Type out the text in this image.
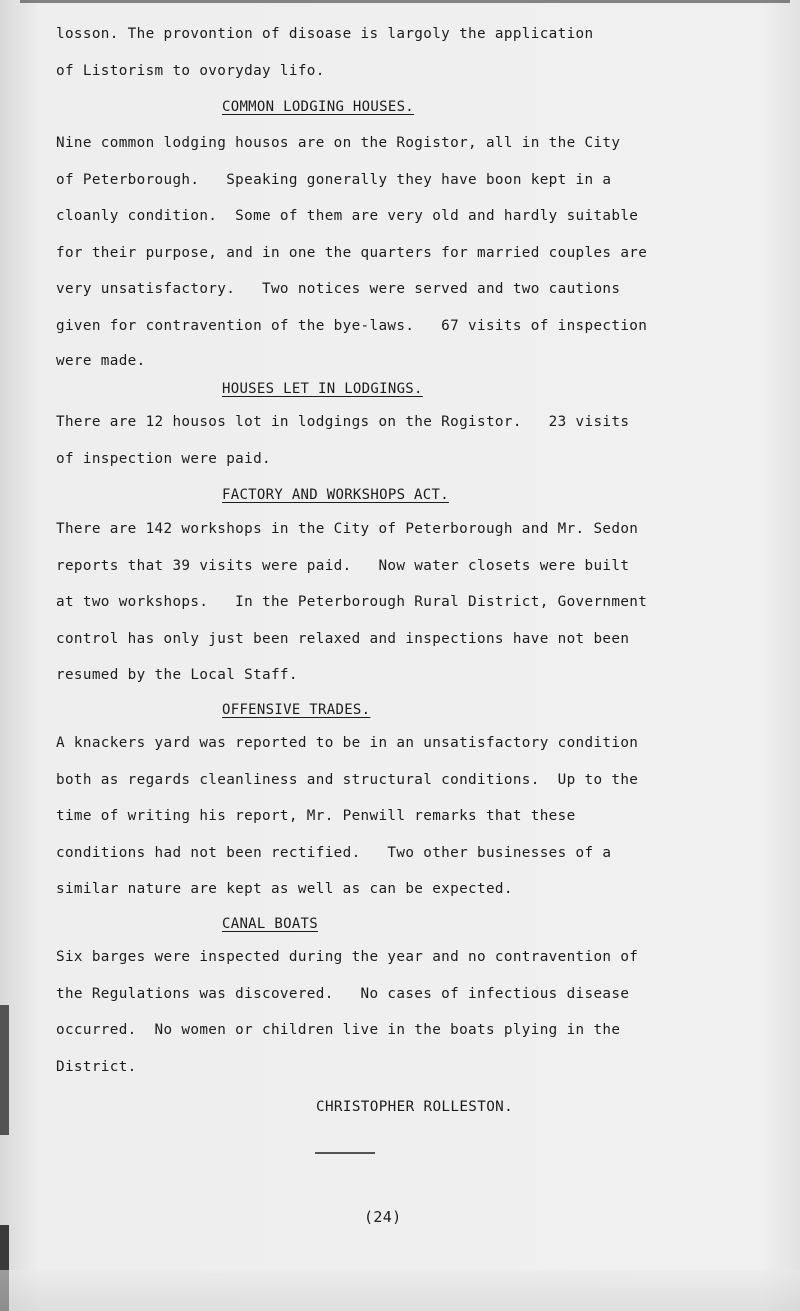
losson. The provontion of disoase is largoly the application
of Listorism to ovoryday lifo.
COMMON LODGING HOUSES.
Nine common lodging housos are on the Rogistor, all in the City
of Peterborough.   Speaking gonerally they have boon kept in a
cloanly condition.  Some of them are very old and hardly suitable
for their purpose, and in one the quarters for married couples are
very unsatisfactory.   Two notices were served and two cautions
given for contravention of the bye-laws.   67 visits of inspection
were made.
HOUSES LET IN LODGINGS.
There are 12 housos lot in lodgings on the Rogistor.   23 visits
of inspection were paid.
FACTORY AND WORKSHOPS ACT.
There are 142 workshops in the City of Peterborough and Mr. Sedon
reports that 39 visits were paid.   Now water closets were built
at two workshops.   In the Peterborough Rural District, Government
control has only just been relaxed and inspections have not been
resumed by the Local Staff.
OFFENSIVE TRADES.
A knackers yard was reported to be in an unsatisfactory condition
both as regards cleanliness and structural conditions.  Up to the
time of writing his report, Mr. Penwill remarks that these
conditions had not been rectified.   Two other businesses of a
similar nature are kept as well as can be expected.
CANAL BOATS
Six barges were inspected during the year and no contravention of
the Regulations was discovered.   No cases of infectious disease
occurred.  No women or children live in the boats plying in the
District.
CHRISTOPHER ROLLESTON.
(24)
